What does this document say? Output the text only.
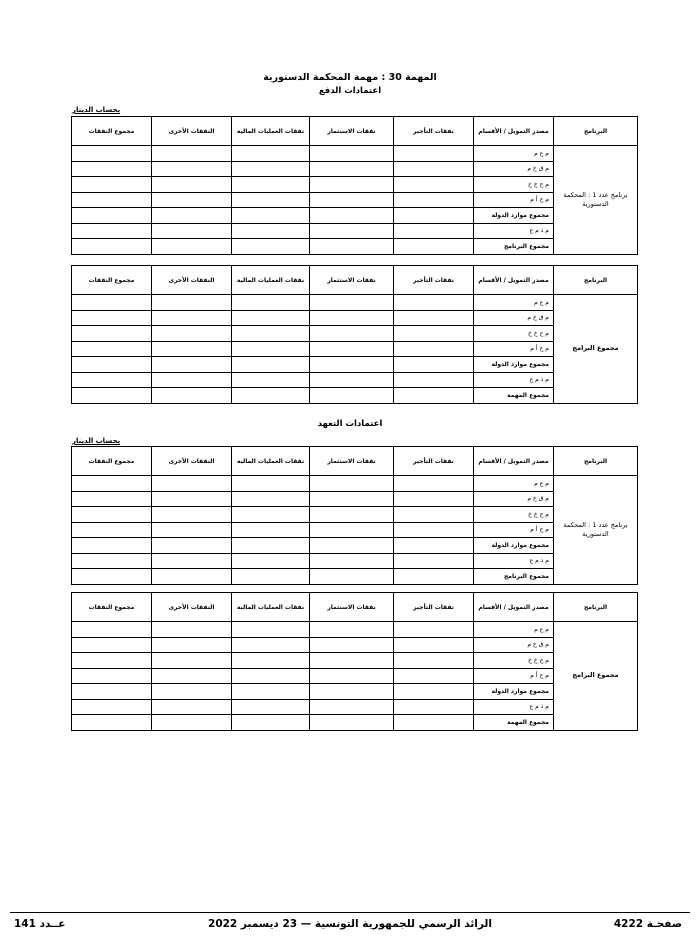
المهمة 30 : مهمة المحكمة الدستورية
اعتمادات الدفع
بحساب الدينار
البرنامج	مصدر التمويل / الأقسام	نفقات التأجير	نفقات الاستثمار	نفقات العمليات المالية	النفقات الأخرى	مجموع النفقات
برنامج عدد 1 : المحكمة الدستورية	م ع م					
	م ق خ م					
	م ح خ خ					
	م ح أ م					
	مجموع موارد الدولة					
	م ذ م ع					
	مجموع البرنامج					
البرنامج	مصدر التمويل / الأقسام	نفقات التأجير	نفقات الاستثمار	نفقات العمليات المالية	النفقات الأخرى	مجموع النفقات
مجموع البرامج	م ع م					
	م ق خ م					
	م ح خ خ					
	م ح أ م					
	مجموع موارد الدولة					
	م ذ م ع					
	مجموع المهمة					
اعتمادات التعهد
بحساب الدينار
البرنامج	مصدر التمويل / الأقسام	نفقات التأجير	نفقات الاستثمار	نفقات العمليات المالية	النفقات الأخرى	مجموع النفقات
برنامج عدد 1 : المحكمة الدستورية	م ع م					
	م ق خ م					
	م ح خ خ					
	م ح أ م					
	مجموع موارد الدولة					
	م ذ م ع					
	مجموع البرنامج					
البرنامج	مصدر التمويل / الأقسام	نفقات التأجير	نفقات الاستثمار	نفقات العمليات المالية	النفقات الأخرى	مجموع النفقات
مجموع البرامج	م ع م					
	م ق خ م					
	م ح خ خ					
	م ح أ م					
	مجموع موارد الدولة					
	م ذ م ع					
	مجموع المهمة					
عــدد 141	الرائد الرسمي للجمهورية التونسية — 23 ديسمبر 2022	صفحـة 4222
